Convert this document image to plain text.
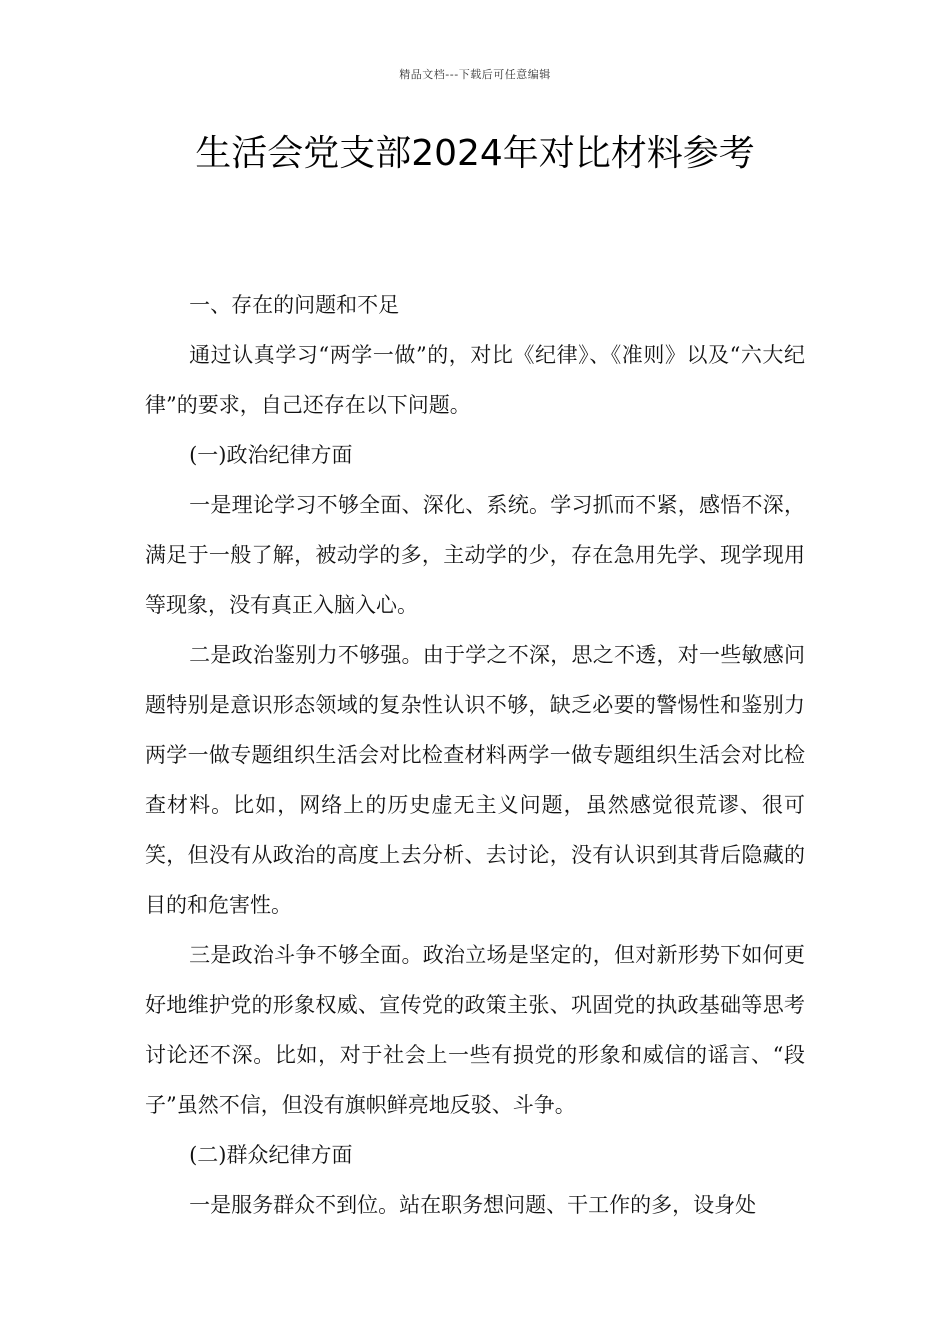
精品文档---下载后可任意编辑
生活会党支部2024年对比材料参考

一、存在的问题和不足

通过认真学习“两学一做”的，对比《纪律》、《准则》以及“六大纪律”的要求，自己还存在以下问题。

(一)政治纪律方面

一是理论学习不够全面、深化、系统。学习抓而不紧，感悟不深，满足于一般了解，被动学的多，主动学的少，存在急用先学、现学现用等现象，没有真正入脑入心。

二是政治鉴别力不够强。由于学之不深，思之不透，对一些敏感问题特别是意识形态领域的复杂性认识不够，缺乏必要的警惕性和鉴别力两学一做专题组织生活会对比检查材料两学一做专题组织生活会对比检查材料。比如，网络上的历史虚无主义问题，虽然感觉很荒谬、很可笑，但没有从政治的高度上去分析、去讨论，没有认识到其背后隐藏的目的和危害性。

三是政治斗争不够全面。政治立场是坚定的，但对新形势下如何更好地维护党的形象权威、宣传党的政策主张、巩固党的执政基础等思考讨论还不深。比如，对于社会上一些有损党的形象和威信的谣言、“段子”虽然不信，但没有旗帜鲜亮地反驳、斗争。

(二)群众纪律方面

一是服务群众不到位。站在职务想问题、干工作的多，设身处
